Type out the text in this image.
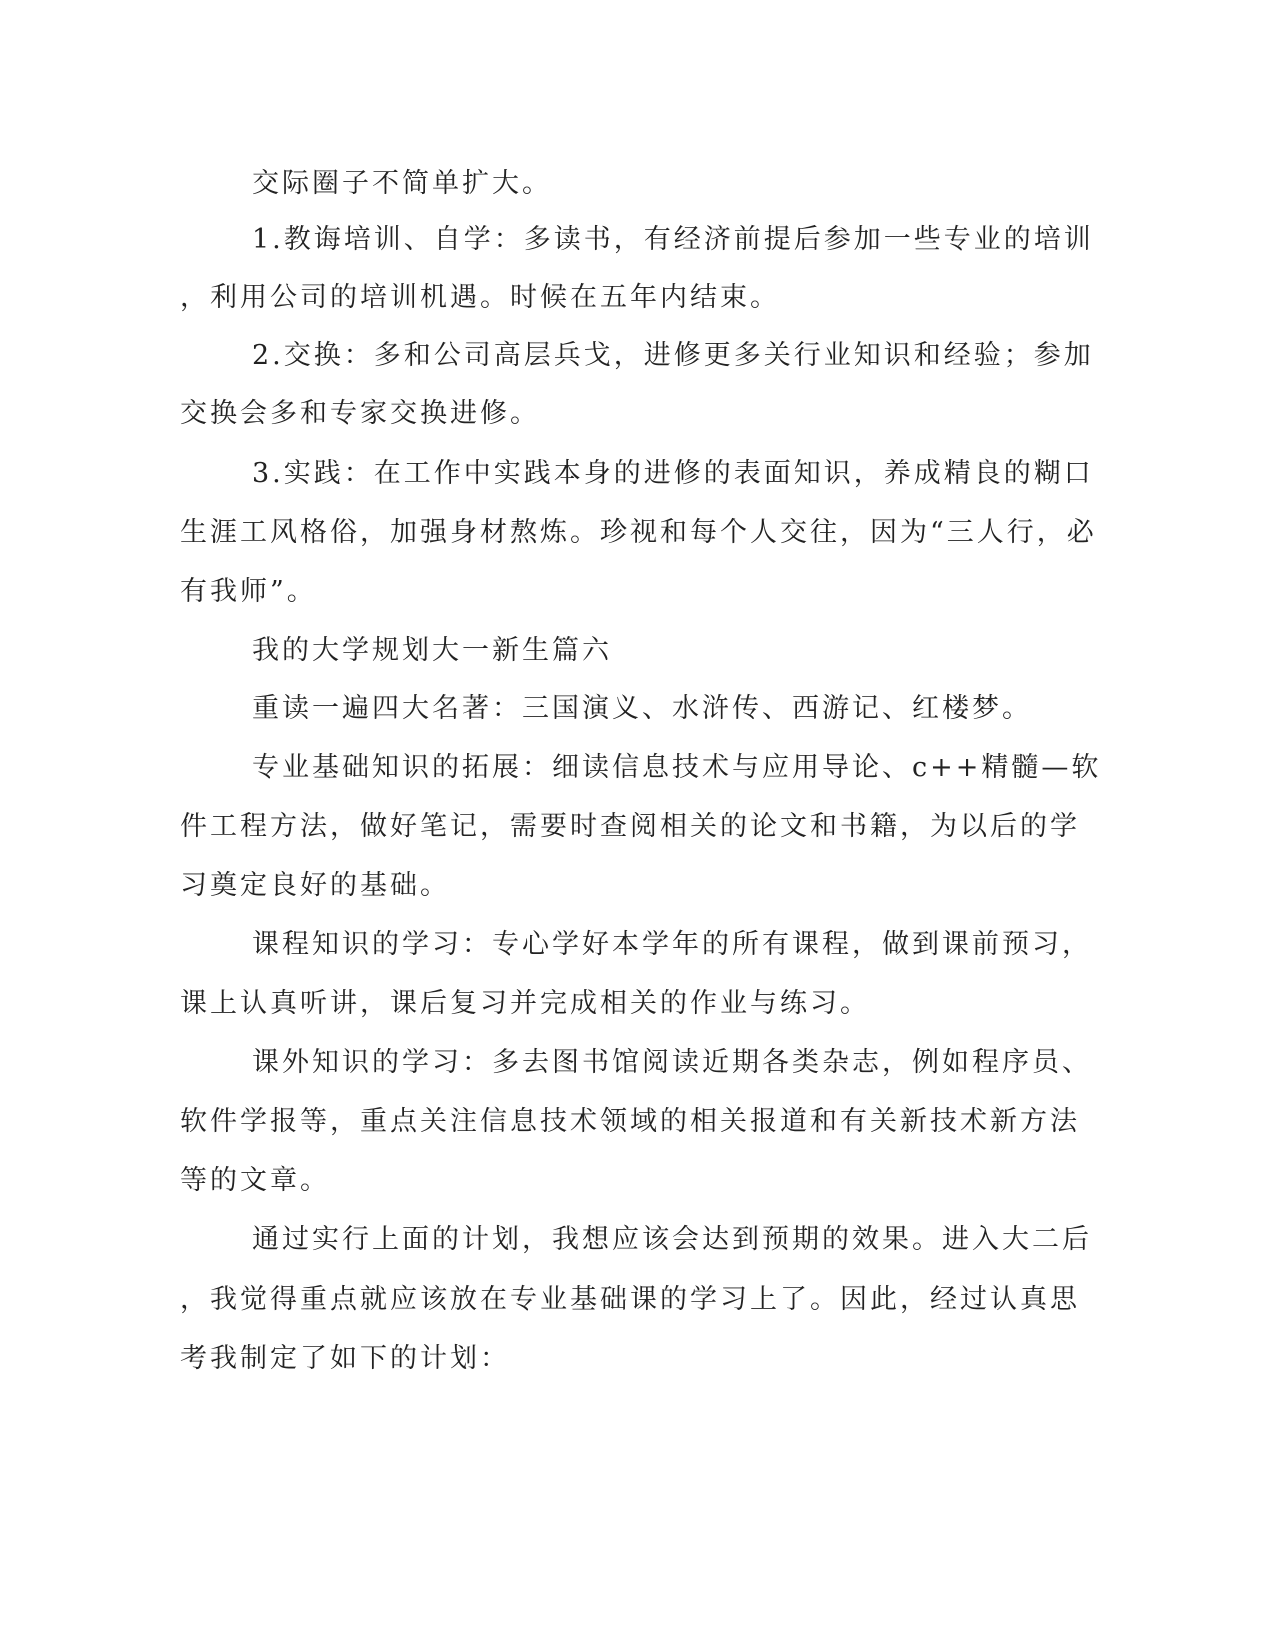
交际圈子不简单扩大。

1.教诲培训、自学：多读书，有经济前提后参加一些专业的培训

，利用公司的培训机遇。时候在五年内结束。

2.交换：多和公司高层兵戈，进修更多关行业知识和经验；参加

交换会多和专家交换进修。

3.实践：在工作中实践本身的进修的表面知识，养成精良的糊口

生涯工风格俗，加强身材熬炼。珍视和每个人交往，因为“三人行，必

有我师”。

我的大学规划大一新生篇六

重读一遍四大名著：三国演义、水浒传、西游记、红楼梦。

专业基础知识的拓展：细读信息技术与应用导论、c++精髓—软

件工程方法，做好笔记，需要时查阅相关的论文和书籍，为以后的学

习奠定良好的基础。

课程知识的学习：专心学好本学年的所有课程，做到课前预习，

课上认真听讲，课后复习并完成相关的作业与练习。

课外知识的学习：多去图书馆阅读近期各类杂志，例如程序员、

软件学报等，重点关注信息技术领域的相关报道和有关新技术新方法

等的文章。

通过实行上面的计划，我想应该会达到预期的效果。进入大二后

，我觉得重点就应该放在专业基础课的学习上了。因此，经过认真思

考我制定了如下的计划：
